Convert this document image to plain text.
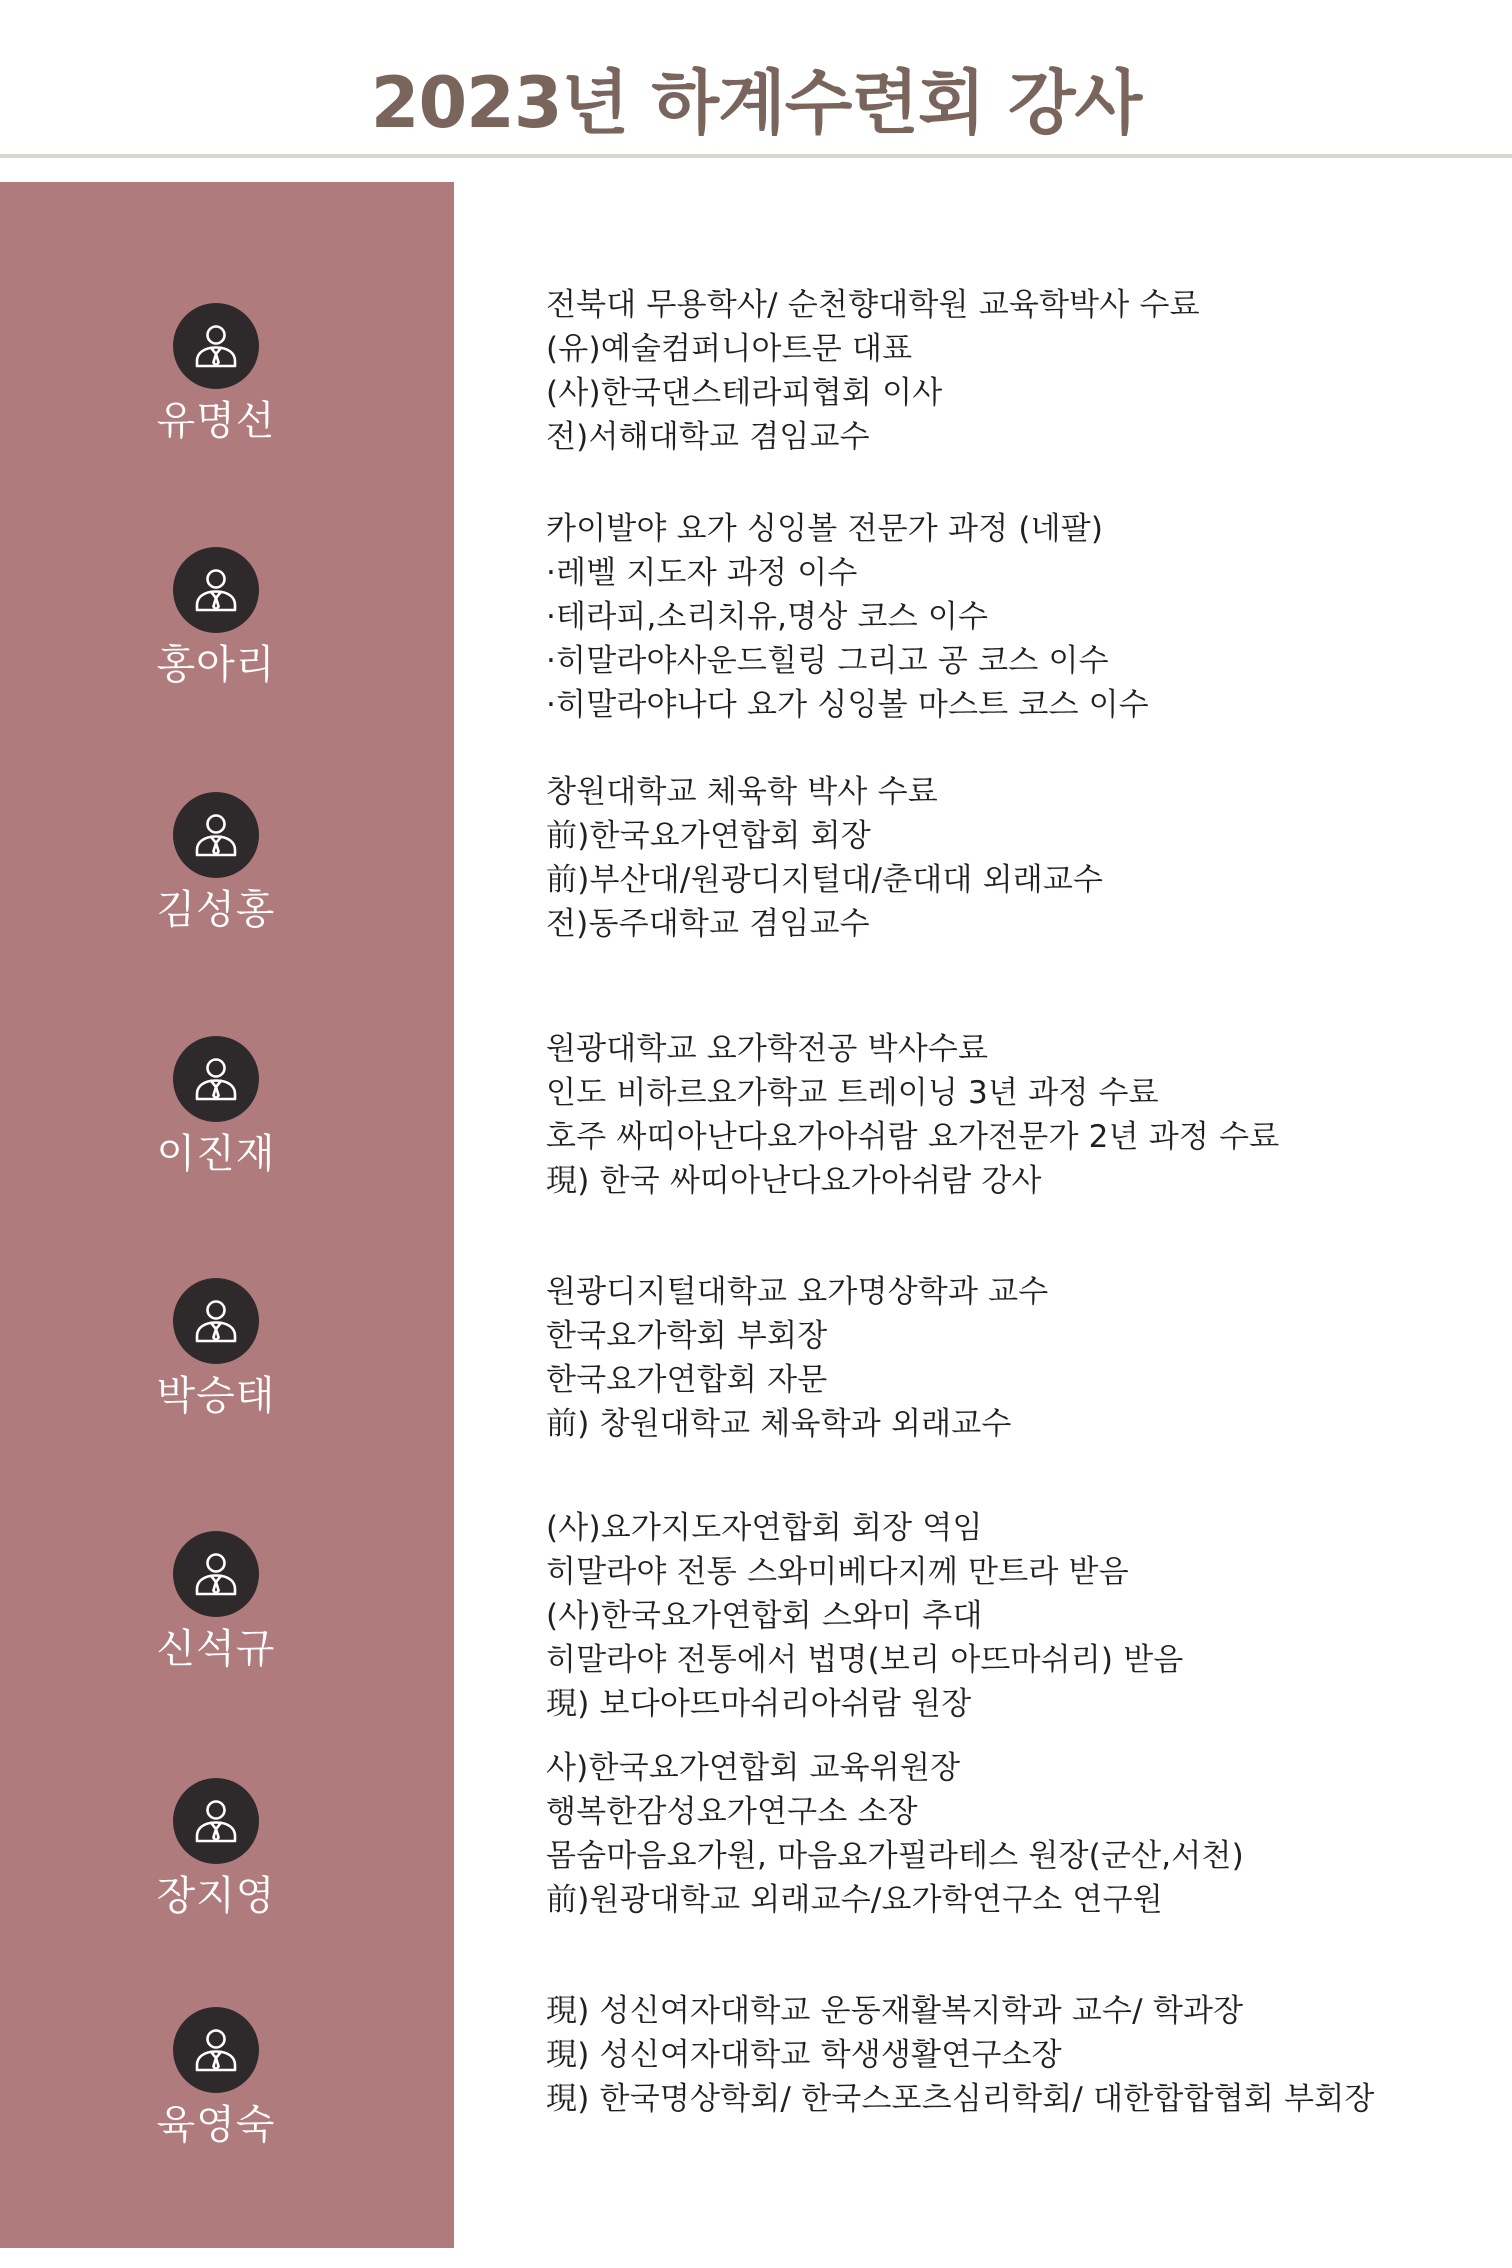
2023년 하계수련회 강사
유명선
전북대 무용학사/ 순천향대학원 교육학박사 수료
(유)예술컴퍼니아트문 대표
(사)한국댄스테라피협회 이사
전)서해대학교 겸임교수
홍아리
카이발야 요가 싱잉볼 전문가 과정 (네팔)
·레벨 지도자 과정 이수
·테라피,소리치유,명상 코스 이수
·히말라야사운드힐링 그리고 공 코스 이수
·히말라야나다 요가 싱잉볼 마스트 코스 이수
김성홍
창원대학교 체육학 박사 수료
前)한국요가연합회 회장
前)부산대/원광디지털대/춘대대 외래교수
전)동주대학교 겸임교수
이진재
원광대학교 요가학전공 박사수료
인도 비하르요가학교 트레이닝 3년 과정 수료
호주 싸띠아난다요가아쉬람 요가전문가 2년 과정 수료
現) 한국 싸띠아난다요가아쉬람 강사
박승태
원광디지털대학교 요가명상학과 교수
한국요가학회 부회장
한국요가연합회 자문
前) 창원대학교 체육학과 외래교수
신석규
(사)요가지도자연합회 회장 역임
히말라야 전통 스와미베다지께 만트라 받음
(사)한국요가연합회 스와미 추대
히말라야 전통에서 법명(보리 아뜨마쉬리) 받음
現) 보다아뜨마쉬리아쉬람 원장
장지영
사)한국요가연합회 교육위원장
행복한감성요가연구소 소장
몸숨마음요가원, 마음요가필라테스 원장(군산,서천)
前)원광대학교 외래교수/요가학연구소 연구원
육영숙
現) 성신여자대학교 운동재활복지학과 교수/ 학과장
現) 성신여자대학교 학생생활연구소장
現) 한국명상학회/ 한국스포츠심리학회/ 대한합합협회 부회장
